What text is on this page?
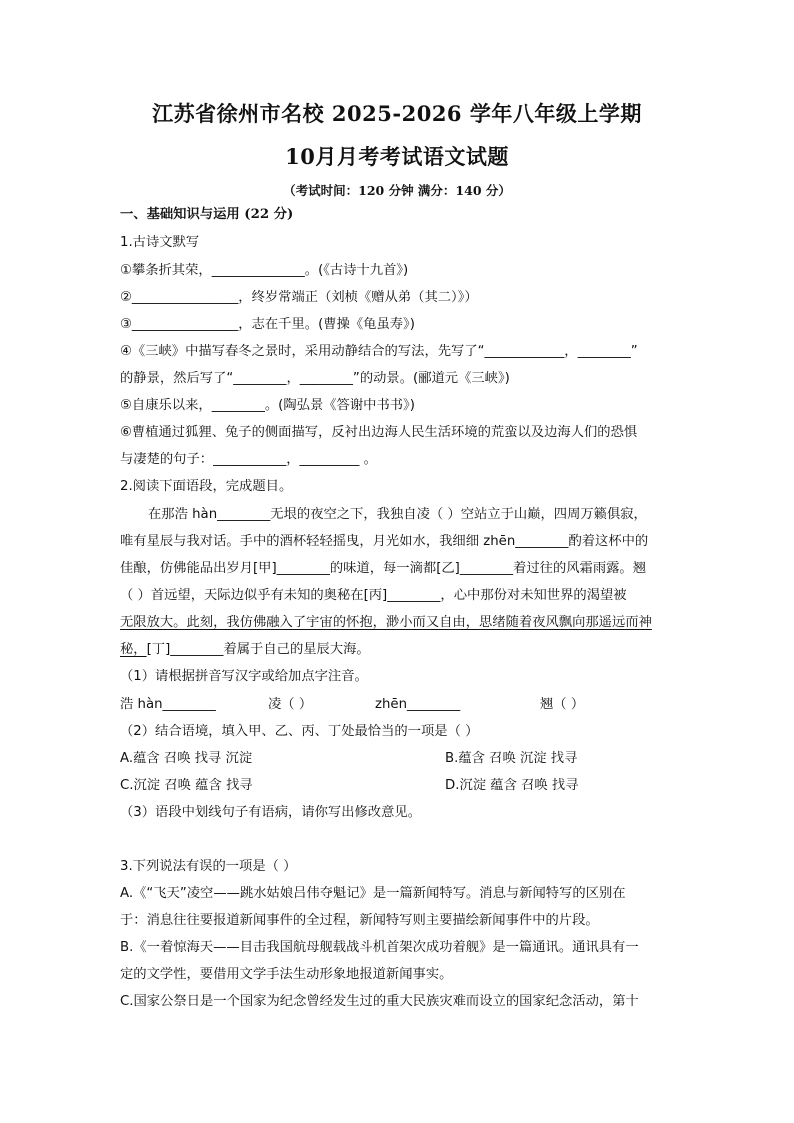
江苏省徐州市名校 2025-2026 学年八年级上学期
10月月考考试语文试题
（考试时间：120 分钟 满分：140 分）
一、基础知识与运用 (22 分)
1.古诗文默写
①攀条折其荣，______________。(《古诗十九首》)
②________________，终岁常端正（刘桢《赠从弟（其二）》）
③________________，志在千里。(曹操《龟虽寿》)
④《三峡》中描写春冬之景时，采用动静结合的写法，先写了“____________，________”
的静景，然后写了“________，________”的动景。(郦道元《三峡》)
⑤自康乐以来，________。(陶弘景《答谢中书书》)
⑥曹植通过狐狸、兔子的侧面描写，反衬出边海人民生活环境的荒蛮以及边海人们的恐惧
与凄楚的句子：___________，_________ 。
2.阅读下面语段，完成题目。
在那浩 hàn________无垠的夜空之下，我独自凌（ ）空站立于山巅，四周万籁俱寂，
唯有星辰与我对话。手中的酒杯轻轻摇曳，月光如水，我细细 zhēn________酌着这杯中的
佳酿，仿佛能品出岁月[甲]________的味道，每一滴都[乙]________着过往的风霜雨露。翘
（ ）首远望，天际边似乎有未知的奥秘在[丙]________，心中那份对未知世界的渴望被
无限放大。此刻，我仿佛融入了宇宙的怀抱，渺小而又自由，思绪随着夜风飘向那遥远而神
秘，[丁]________着属于自己的星辰大海。
（1）请根据拼音写汉字或给加点字注音。
浩 hàn________	凌（ ）	zhēn________	翘（ ）
（2）结合语境，填入甲、乙、丙、丁处最恰当的一项是（ ）
A.蕴含 召唤 找寻 沉淀	B.蕴含 召唤 沉淀 找寻
C.沉淀 召唤 蕴含 找寻	D.沉淀 蕴含 召唤 找寻
（3）语段中划线句子有语病，请你写出修改意见。
3.下列说法有误的一项是（ ）
A.《“飞天”凌空——跳水姑娘吕伟夺魁记》是一篇新闻特写。消息与新闻特写的区别在
于：消息往往要报道新闻事件的全过程，新闻特写则主要描绘新闻事件中的片段。
B.《一着惊海天——目击我国航母舰载战斗机首架次成功着舰》是一篇通讯。通讯具有一
定的文学性，要借用文学手法生动形象地报道新闻事实。
C.国家公祭日是一个国家为纪念曾经发生过的重大民族灾难而设立的国家纪念活动，第十
